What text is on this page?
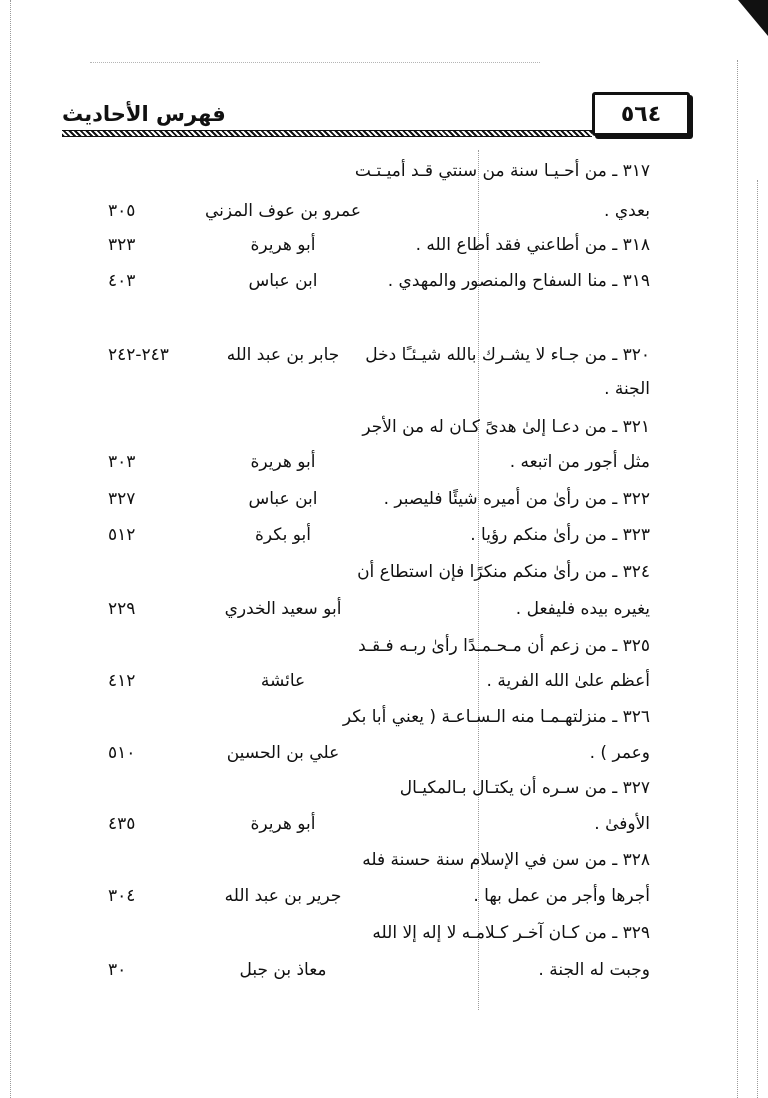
فهرس الأحاديث	٥٦٤
٣١٧ ـ من أحـيـا سنة من سنتي قـد أميـتـت
بعدي .
عمرو بن عوف المزني
٣٠٥
٣١٨ ـ من أطاعني فقد أطاع الله .
أبو هريرة
٣٢٣
٣١٩ ـ منا السفاح والمنصور والمهدي .
ابن عباس
٤٠٣
٣٢٠ ـ من جـاء لا يشـرك بالله شيـئـًا دخل
جابر بن عبد الله
٢٤٣-٢٤٢
الجنة .
٣٢١ ـ من دعـا إلىٰ هدىً كـان له من الأجر
مثل أجور من اتبعه .
أبو هريرة
٣٠٣
٣٢٢ ـ من رأىٰ من أميره شيئًا فليصبر .
ابن عباس
٣٢٧
٣٢٣ ـ من رأىٰ منكم رؤيا .
أبو بكرة
٥١٢
٣٢٤ ـ من رأىٰ منكم منكرًا فإن استطاع أن
يغيره بيده فليفعل .
أبو سعيد الخدري
٢٢٩
٣٢٥ ـ من زعم أن مـحـمـدًا رأىٰ ربـه فـقـد
أعظم علىٰ الله الفرية .
عائشة
٤١٢
٣٢٦ ـ منزلتهـمـا منه الـسـاعـة ( يعني أبا بكر
وعمر ) .
علي بن الحسين
٥١٠
٣٢٧ ـ من سـره أن يكتـال بـالمكيـال
الأوفىٰ .
أبو هريرة
٤٣٥
٣٢٨ ـ من سن في الإسلام سنة حسنة فله
أجرها وأجر من عمل بها .
جرير بن عبد الله
٣٠٤
٣٢٩ ـ من كـان آخـر كـلامـه لا إله إلا الله
وجبت له الجنة .
معاذ بن جبل
٣٠
